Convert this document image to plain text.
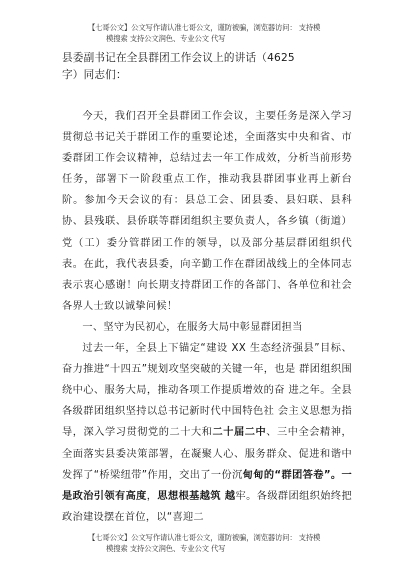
【七哥公文】公文写作请认准七哥公文，谨防被骗，浏览器访问： 支持模
模搜索 支持公文润色、专业公文 代写
县委副书记在全县群团工作会议上的讲话（4625
字）同志们：

今天，我们召开全县群团工作会议，主要任务是深入学习贯彻总书记关于群团工作的重要论述，全面落实中央和省、市委群团工作会议精神，总结过去一年工作成效，分析当前形势任务，部署下一阶段重点工作，推动我县群团事业再上新台阶。参加今天会议的有：县总工会、团县委、县妇联、县科协、县残联、县侨联等群团组织主要负责人，各乡镇（街道）党（工）委分管群团工作的领导，以及部分基层群团组织代表。在此，我代表县委，向辛勤工作在群团战线上的全体同志表示衷心感谢！向长期支持群团工作的各部门、各单位和社会各界人士致以诚挚问候！

一、坚守为民初心，在服务大局中彰显群团担当

过去一年，全县上下锚定“建设 XX 生态经济强县”目标、奋力推进“十四五”规划攻坚突破的关键一年，也是 群团组织围绕中心、服务大局，推动各项工作提质增效的奋 进之年。全县各级群团组织坚持以总书记新时代中国特色社 会主义思想为指导，深入学习贯彻党的二十大和二十届二中、三中全会精神，全面落实县委决策部署，在凝聚人心、服务群众、促进和谐中发挥了“桥梁纽带”作用，交出了一份沉甸甸的“群团答卷”。一是政治引领有高度，思想根基越筑 越牢。各级群团组织始终把政治建设摆在首位，以“喜迎二

【七哥公文】公文写作请认准七哥公文，谨防被骗，浏览器访问： 支持模
模搜索 支持公文润色、专业公文 代写
